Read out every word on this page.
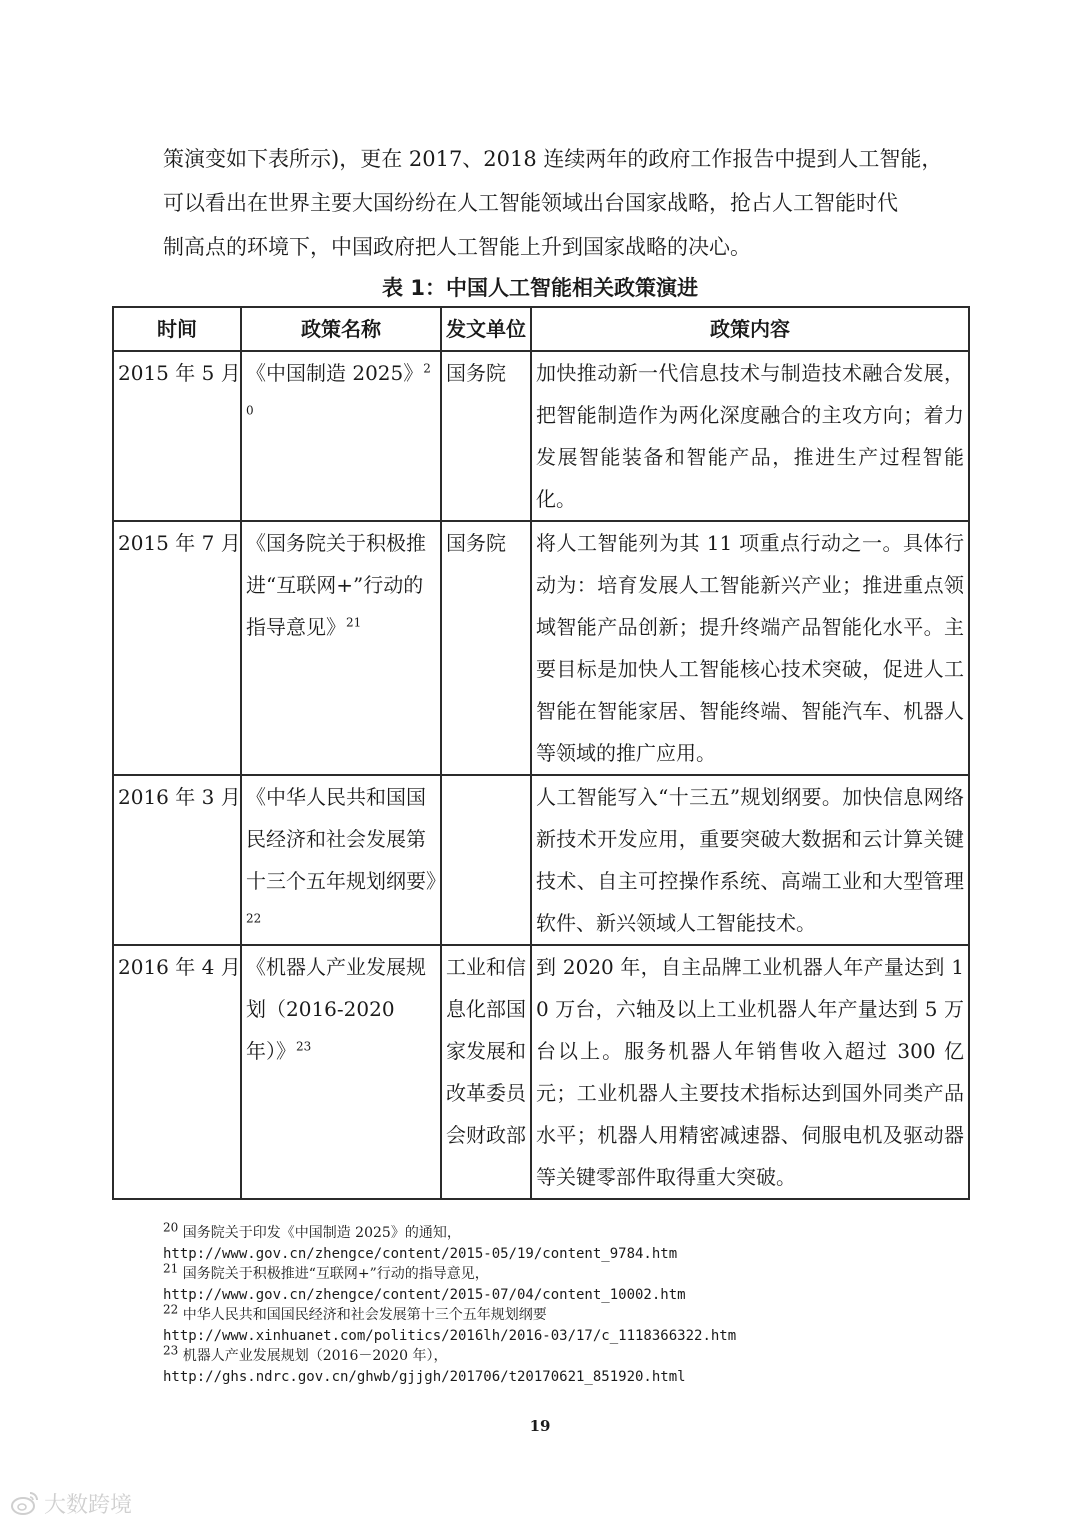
策演变如下表所示)，更在 2017、2018 连续两年的政府工作报告中提到人工智能，

可以看出在世界主要大国纷纷在人工智能领域出台国家战略，抢占人工智能时代

制高点的环境下，中国政府把人工智能上升到国家战略的决心。

表 1：中国人工智能相关政策演进
时间	政策名称	发文单位	政策内容
2015 年 5 月	《中国制造 2025》$^{20}$	国务院	加快推动新一代信息技术与制造技术融合发展，把智能制造作为两化深度融合的主攻方向；着力发展智能装备和智能产品，推进生产过程智能化。
2015 年 7 月	《国务院关于积极推进“互联网+”行动的指导意见》$^{21}$	国务院	将人工智能列为其 11 项重点行动之一。具体行动为：培育发展人工智能新兴产业；推进重点领域智能产品创新；提升终端产品智能化水平。主要目标是加快人工智能核心技术突破，促进人工智能在智能家居、智能终端、智能汽车、机器人等领域的推广应用。
2016 年 3 月	《中华人民共和国国民经济和社会发展第十三个五年规划纲要》$^{22}$		人工智能写入“十三五”规划纲要。加快信息网络新技术开发应用，重要突破大数据和云计算关键技术、自主可控操作系统、高端工业和大型管理软件、新兴领域人工智能技术。
2016 年 4 月	《机器人产业发展规划（2016-2020 年）》$^{23}$	工业和信息化部国家发展和改革委员会财政部	到 2020 年，自主品牌工业机器人年产量达到 10 万台，六轴及以上工业机器人年产量达到 5 万台以上。服务机器人年销售收入超过 300 亿元；工业机器人主要技术指标达到国外同类产品水平；机器人用精密减速器、伺服电机及驱动器等关键零部件取得重大突破。
$^{20}$ 国务院关于印发《中国制造 2025》的通知，
http://www.gov.cn/zhengce/content/2015-05/19/content_9784.htm
$^{21}$ 国务院关于积极推进“互联网+”行动的指导意见，
http://www.gov.cn/zhengce/content/2015-07/04/content_10002.htm
$^{22}$ 中华人民共和国国民经济和社会发展第十三个五年规划纲要
http://www.xinhuanet.com/politics/2016lh/2016-03/17/c_1118366322.htm
$^{23}$ 机器人产业发展规划（2016－2020 年），
http://ghs.ndrc.gov.cn/ghwb/gjjgh/201706/t20170621_851920.html
19
大数跨境
